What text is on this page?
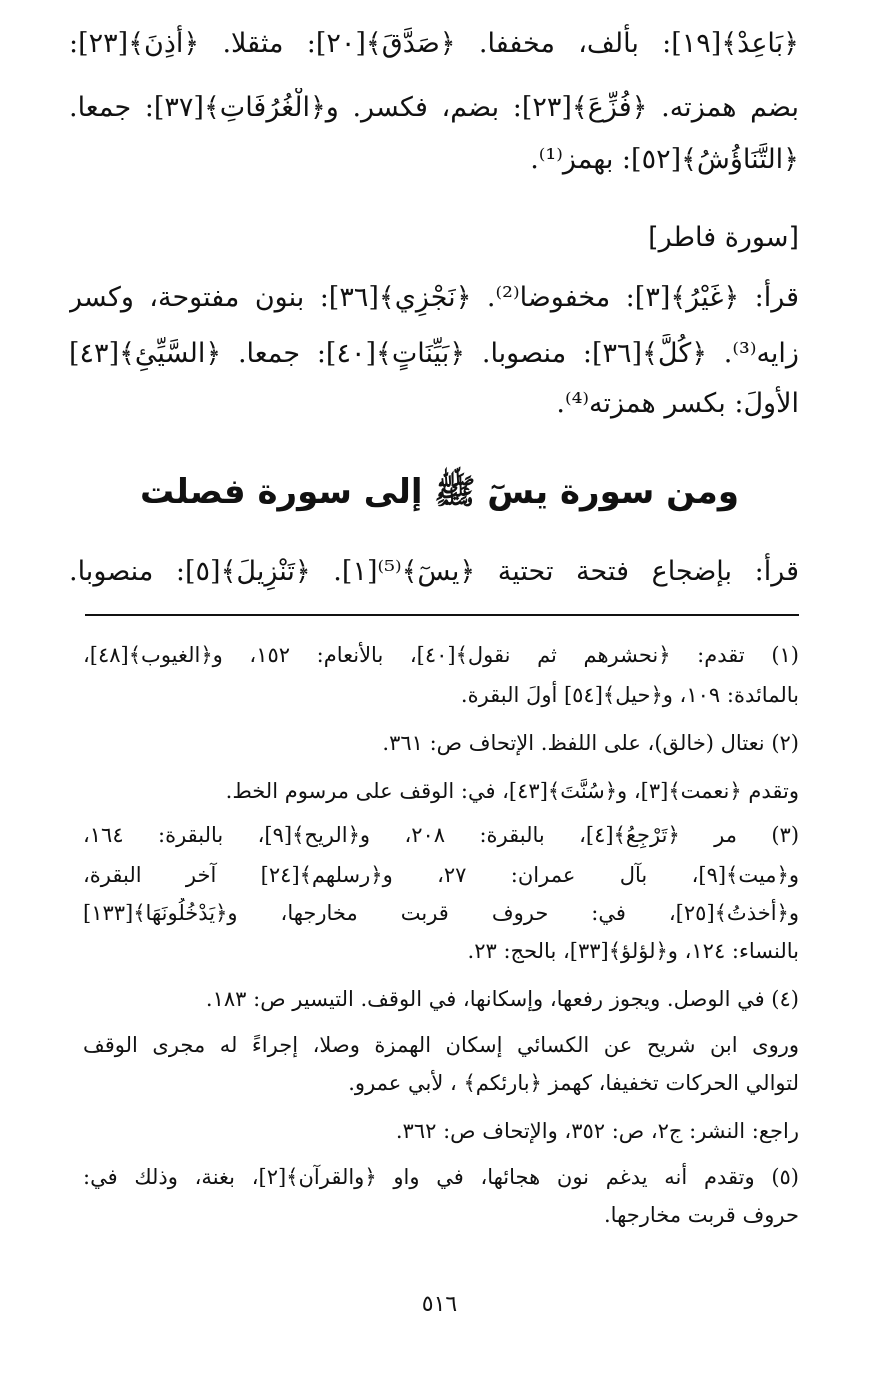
﴿بَاعِدْ﴾[١٩]: بألف، مخففا. ﴿صَدَّقَ﴾[٢٠]: مثقلا. ﴿أُذِنَ﴾[٢٣]:
بضم همزته. ﴿فُزِّعَ﴾[٢٣]: بضم، فكسر. و﴿الْغُرُفَاتِ﴾[٣٧]: جمعا.
﴿التَّنَاؤُشُ﴾[٥٢]: بهمز⁽¹⁾.
[سورة فاطر]
قرأ: ﴿غَيْرُ﴾[٣]: مخفوضا⁽²⁾. ﴿نَجْزِي﴾[٣٦]: بنون مفتوحة، وكسر
زايه⁽³⁾. ﴿كُلَّ﴾[٣٦]: منصوبا. ﴿بَيِّنَاتٍ﴾[٤٠]: جمعا. ﴿السَّيِّئِ﴾[٤٣]
الأولَ: بكسر همزته⁽⁴⁾.
ومن سورة يسٓ ﷺ إلى سورة فصلت
قرأ: بإضجاع فتحة تحتية ﴿يسٓ﴾⁽⁵⁾[١]. ﴿تَنْزِيلَ﴾[٥]: منصوبا.
(١) تقدم: ﴿نحشرهم ثم نقول﴾[٤٠]، بالأنعام: ١٥٢، و﴿الغيوب﴾[٤٨]،
بالمائدة: ١٠٩، و﴿حيل﴾[٥٤] أولَ البقرة.
(٢) نعتال (خالق)، على اللفظ. الإتحاف ص: ٣٦١.
وتقدم ﴿نعمت﴾[٣]، و﴿سُنَّتَ﴾[٤٣]، في: الوقف على مرسوم الخط.
(٣) مر ﴿تَرْجِعُ﴾[٤]، بالبقرة: ٢٠٨، و﴿الريح﴾[٩]، بالبقرة: ١٦٤،
و﴿ميت﴾[٩]، بآل عمران: ٢٧، و﴿رسلهم﴾[٢٤] آخر البقرة،
و﴿أخذتُ﴾[٢٥]، في: حروف قربت مخارجها، و﴿يَدْخُلُونَهَا﴾[١٣٣]
بالنساء: ١٢٤، و﴿لؤلؤ﴾[٣٣]، بالحج: ٢٣.
(٤) في الوصل. ويجوز رفعها، وإسكانها، في الوقف. التيسير ص: ١٨٣.
وروى ابن شريح عن الكسائي إسكان الهمزة وصلا، إجراءً له مجرى الوقف
لتوالي الحركات تخفيفا، كهمز ﴿بارئكم﴾ ، لأبي عمرو.
راجع: النشر: ج٢، ص: ٣٥٢، والإتحاف ص: ٣٦٢.
(٥) وتقدم أنه يدغم نون هجائها، في واو ﴿والقرآن﴾[٢]، بغنة، وذلك في:
حروف قربت مخارجها.
٥١٦
